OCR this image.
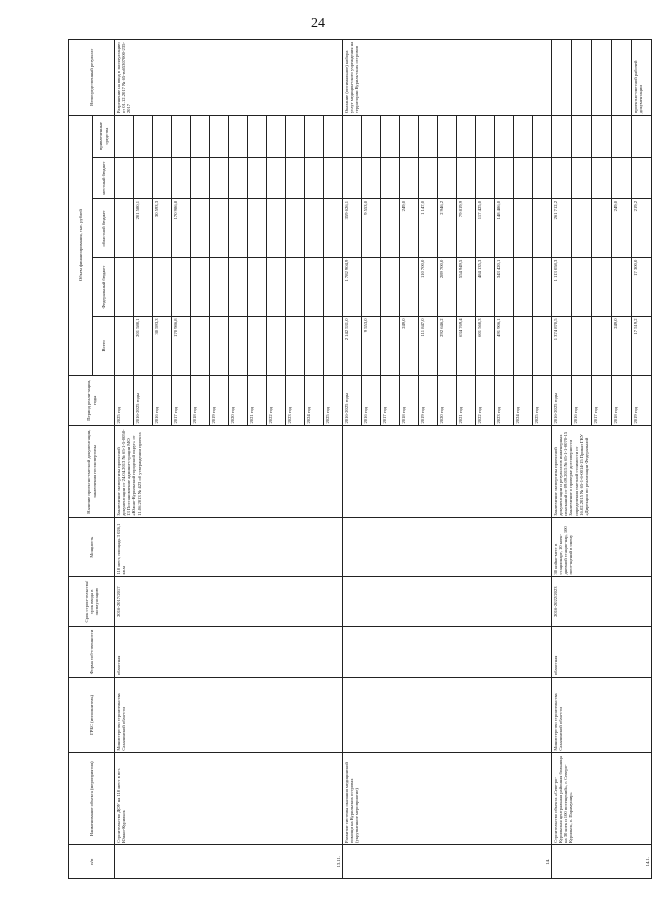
24
п/п	Наименование объекта (мероприятия)	ГРБС (исполнитель)	Форма соб-ственности	Срок строи-тельства/ срок ввода в эксплуатацию	Мощность	Наличие проектно-сметной документации, заключения госэкспертизы	Период реали-зации, годы	Объем финансирования, тыс. рублей					Непосредственный результат
								Всего	Федеральный бюджет	областной бюджет	местный бюджет	привлеченные средства	
13.11.	Строительство ДОУ на 110 мест в пгт. Южно-Курильск	Министерство строительства Сахалинской обла-сти	областная	2016-2017/2017	110 мест, площадь 3 026,1 кв.м	Заключение экспертизы проектной документации от 24.04.2013 № 65-1-5-0058-13 Постановление админи-страции МО «Южно-Курильский городской округ» от 11.06.2013 № 423 об утверждении проекта	2025 год						Разрешение на ввод в эксплуатацию от 01.12.2017 № 65-ru65307000-235-2017
							2016-2025 годы	201 580,1		201 580,1			
							2016 год	30 593,3		30 593,3			
							2017 год	170 986,8		170 986,8			
							2018 год						
							2019 год						
							2020 год						
							2021 год						
							2022 год						
							2023 год						
							2024 год						
							2025 год						
14.	Развитие системы оказания медицинской помощи на Курильских островах (укрупненное мероприятие)						2016-2025 годы	2 142 531,0	1 782 904,9	359 626,1			Оказание (оптимальное) набора услуг медицин-ского учреждения на территории Куриль-ских островов
							2016 год	9 553,0		9 553,0			
							2017 год						
							2018 год	249,0		249,0			
							2019 год	111 847,0	110 700,0	1 147,0			
							2020 год	292 646,2	289 700,0	2 946,2			
							2021 год	634 769,4	554 949,5	79 819,9			
							2022 год	601 560,3	484 135,3	117 425,0			
							2023 год	491 906,1	343 420,1	148 486,0			
							2024 год						
							2025 год						
14.1.	Строительство объекта «Севе-ро-Курильская центральная районная больница на 30 коек и 100 посещений», г. Северо-Курильск, о. Парамушир»	Министерство строительства Сахалинской обла-сти	областная	2016-2022/2023	30 койко-мест в стационаре, 10 коек-дневной стацио-нар, 100 посе-щений в смену	Заключение экспертизы проектной документации и результатов инженерных изысканий от 09.09.2015 № 65-1-1-0070-15 Заключение о проверке достоверности определения сметной стоимости от 16.02.2015 № 65-1-6-0014-15 Приказ ГКУ «Дирекция по реализации Федеральной	2016-2025 годы	1 374 870,5	1 113 058,3	261 712,2			
							2016 год						
							2017 год						
							2018 год	249,0		249,0			
							2019 год	17 519,2	17 300,0	219,2			проектно-сметной рабочей документации
